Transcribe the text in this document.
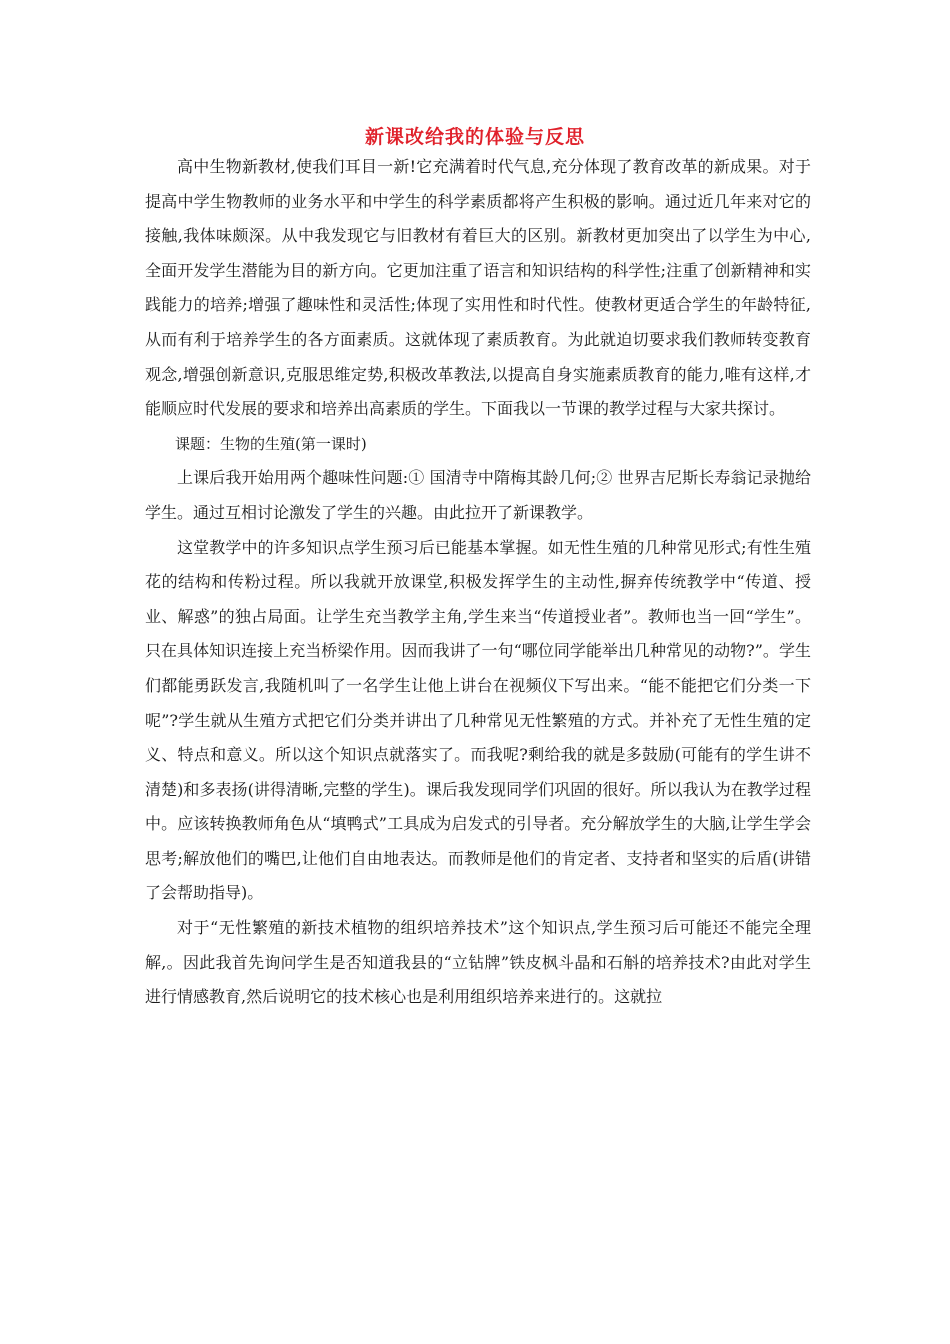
新课改给我的体验与反思

高中生物新教材,使我们耳目一新!它充满着时代气息,充分体现了教育改革的新成果。对于提高中学生物教师的业务水平和中学生的科学素质都将产生积极的影响。通过近几年来对它的接触,我体味颇深。从中我发现它与旧教材有着巨大的区别。新教材更加突出了以学生为中心,全面开发学生潜能为目的新方向。它更加注重了语言和知识结构的科学性;注重了创新精神和实践能力的培养;增强了趣味性和灵活性;体现了实用性和时代性。使教材更适合学生的年龄特征,从而有利于培养学生的各方面素质。这就体现了素质教育。为此就迫切要求我们教师转变教育观念,增强创新意识,克服思维定势,积极改革教法,以提高自身实施素质教育的能力,唯有这样,才能顺应时代发展的要求和培养出高素质的学生。下面我以一节课的教学过程与大家共探讨。

课题：生物的生殖(第一课时)

上课后我开始用两个趣味性问题:① 国清寺中隋梅其龄几何;② 世界吉尼斯长寿翁记录抛给学生。通过互相讨论激发了学生的兴趣。由此拉开了新课教学。

这堂教学中的许多知识点学生预习后已能基本掌握。如无性生殖的几种常见形式;有性生殖花的结构和传粉过程。所以我就开放课堂,积极发挥学生的主动性,摒弃传统教学中“传道、授业、解惑”的独占局面。让学生充当教学主角,学生来当“传道授业者”。教师也当一回“学生”。只在具体知识连接上充当桥梁作用。因而我讲了一句“哪位同学能举出几种常见的动物?”。学生们都能勇跃发言,我随机叫了一名学生让他上讲台在视频仪下写出来。“能不能把它们分类一下呢”?学生就从生殖方式把它们分类并讲出了几种常见无性繁殖的方式。并补充了无性生殖的定义、特点和意义。所以这个知识点就落实了。而我呢?剩给我的就是多鼓励(可能有的学生讲不清楚)和多表扬(讲得清晰,完整的学生)。课后我发现同学们巩固的很好。所以我认为在教学过程中。应该转换教师角色从“填鸭式”工具成为启发式的引导者。充分解放学生的大脑,让学生学会思考;解放他们的嘴巴,让他们自由地表达。而教师是他们的肯定者、支持者和坚实的后盾(讲错了会帮助指导)。

对于“无性繁殖的新技术植物的组织培养技术”这个知识点,学生预习后可能还不能完全理解,。因此我首先询问学生是否知道我县的“立钻牌”铁皮枫斗晶和石斛的培养技术?由此对学生进行情感教育,然后说明它的技术核心也是利用组织培养来进行的。这就拉
